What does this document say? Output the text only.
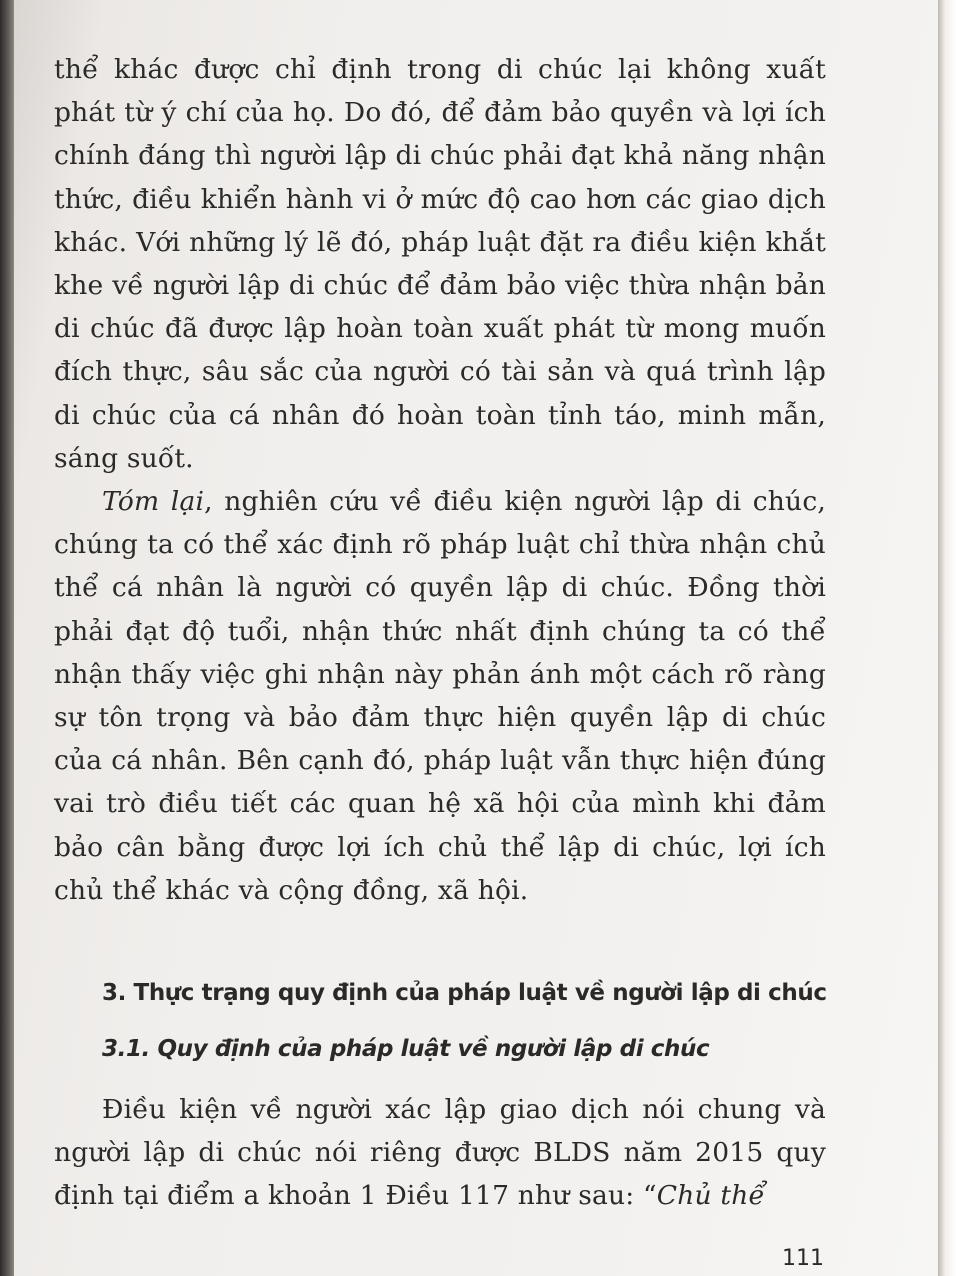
thể khác được chỉ định trong di chúc lại không xuất phát từ ý chí của họ. Do đó, để đảm bảo quyền và lợi ích chính đáng thì người lập di chúc phải đạt khả năng nhận thức, điều khiển hành vi ở mức độ cao hơn các giao dịch khác. Với những lý lẽ đó, pháp luật đặt ra điều kiện khắt khe về người lập di chúc để đảm bảo việc thừa nhận bản di chúc đã được lập hoàn toàn xuất phát từ mong muốn đích thực, sâu sắc của người có tài sản và quá trình lập di chúc của cá nhân đó hoàn toàn tỉnh táo, minh mẫn, sáng suốt.

Tóm lại, nghiên cứu về điều kiện người lập di chúc, chúng ta có thể xác định rõ pháp luật chỉ thừa nhận chủ thể cá nhân là người có quyền lập di chúc. Đồng thời phải đạt độ tuổi, nhận thức nhất định chúng ta có thể nhận thấy việc ghi nhận này phản ánh một cách rõ ràng sự tôn trọng và bảo đảm thực hiện quyền lập di chúc của cá nhân. Bên cạnh đó, pháp luật vẫn thực hiện đúng vai trò điều tiết các quan hệ xã hội của mình khi đảm bảo cân bằng được lợi ích chủ thể lập di chúc, lợi ích chủ thể khác và cộng đồng, xã hội.

3. Thực trạng quy định của pháp luật về người lập di chúc
3.1. Quy định của pháp luật về người lập di chúc

Điều kiện về người xác lập giao dịch nói chung và người lập di chúc nói riêng được BLDS năm 2015 quy định tại điểm a khoản 1 Điều 117 như sau: “Chủ thể

111
